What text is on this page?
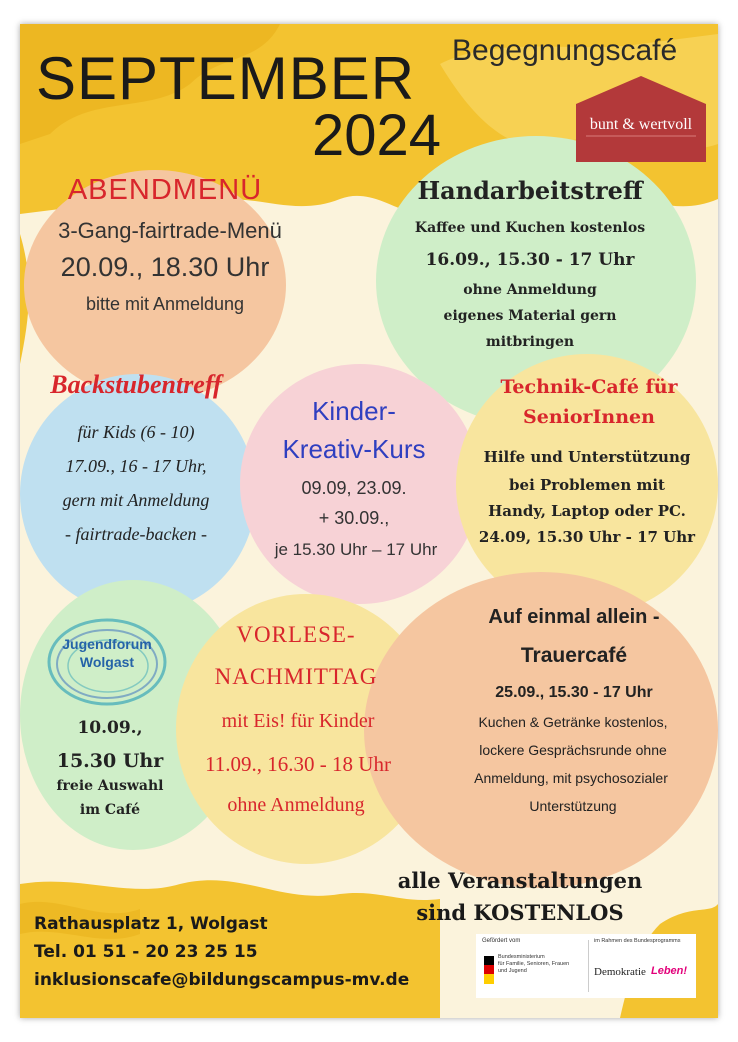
SEPTEMBER
2024
Begegnungscafé
bunt & wertvoll
ABENDMENÜ
3-Gang-fairtrade-Menü
20.09., 18.30 Uhr
bitte mit Anmeldung
Handarbeitstreff
Kaffee und Kuchen kostenlos
16.09., 15.30 - 17 Uhr
ohne Anmeldung
eigenes Material gern
mitbringen
Backstubentreff
für Kids (6 - 10)
17.09., 16 - 17 Uhr,
gern mit Anmeldung
- fairtrade-backen -
Kinder-
Kreativ-Kurs
09.09, 23.09.
+ 30.09.,
je 15.30 Uhr – 17 Uhr
Technik-Café für
SeniorInnen
Hilfe und Unterstützung
bei Problemen mit
Handy, Laptop oder PC.
24.09, 15.30 Uhr - 17 Uhr
Jugendforum
Wolgast
10.09.,
15.30 Uhr
freie Auswahl
im Café
VORLESE-
NACHMITTAG
mit Eis! für Kinder
11.09., 16.30 - 18 Uhr
ohne Anmeldung
Auf einmal allein -
Trauercafé
25.09., 15.30 - 17 Uhr
Kuchen & Getränke kostenlos,
lockere Gesprächsrunde ohne
Anmeldung, mit psychosozialer
Unterstützung
alle Veranstaltungen
sind KOSTENLOS
Rathausplatz 1, Wolgast
Tel. 01 51 - 20 23 25 15
inklusionscafe@bildungscampus-mv.de
Gefördert vom
Bundesministerium
für Familie, Senioren, Frauen
und Jugend
im Rahmen des Bundesprogramms
Demokratie Leben!
